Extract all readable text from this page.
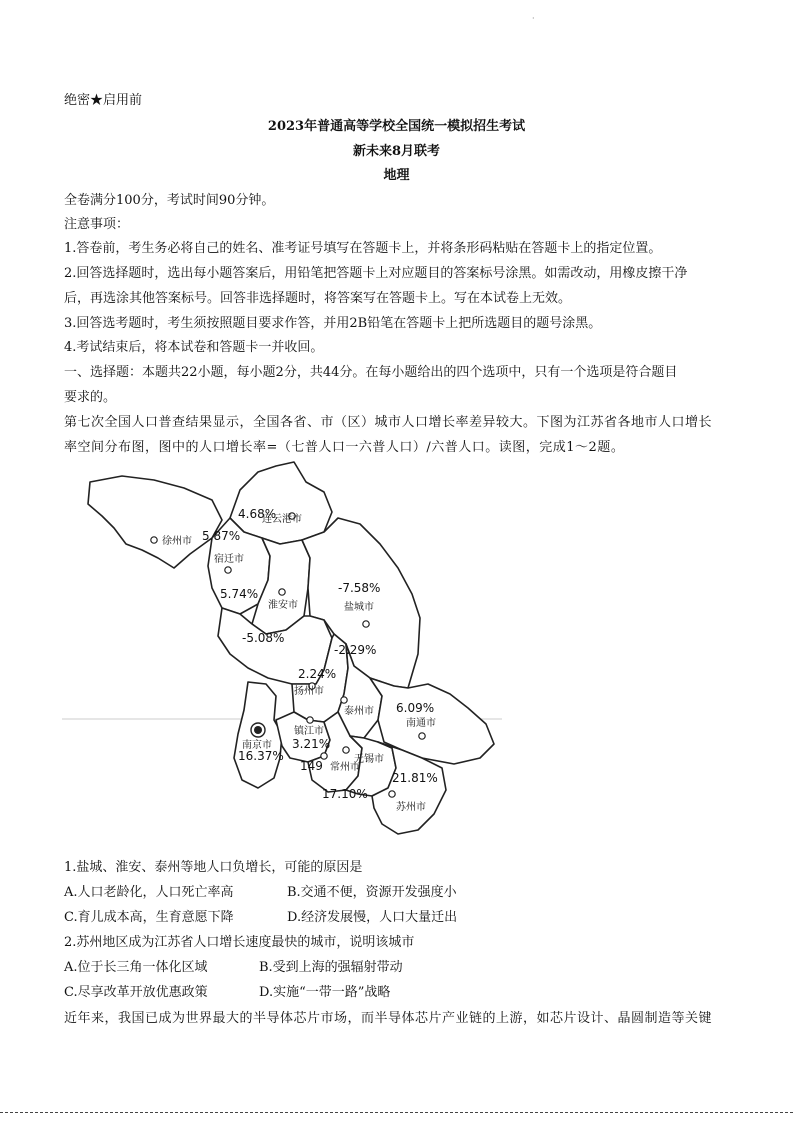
·
绝密★启用前
2023年普通高等学校全国统一模拟招生考试
新未来8月联考
地理
全卷满分100分，考试时间90分钟。
注意事项：
1.答卷前，考生务必将自己的姓名、准考证号填写在答题卡上，并将条形码粘贴在答题卡上的指定位置。
2.回答选择题时，选出每小题答案后，用铅笔把答题卡上对应题目的答案标号涂黑。如需改动，用橡皮擦干净
后，再选涂其他答案标号。回答非选择题时，将答案写在答题卡上。写在本试卷上无效。
3.回答选考题时，考生须按照题目要求作答，并用2B铅笔在答题卡上把所选题目的题号涂黑。
4.考试结束后，将本试卷和答题卡一并收回。
一、选择题：本题共22小题，每小题2分，共44分。在每小题给出的四个选项中，只有一个选项是符合题目
要求的。
第七次全国人口普查结果显示，全国各省、市（区）城市人口增长率差异较大。下图为江苏省各地市人口增长
率空间分布图，图中的人口增长率=（七普人口一六普人口）/六普人口。读图，完成1～2题。
徐州市
连云港市
宿迁市
淮安市	盐城市
扬州市
泰州市
南通市
南京市
镇江市
常州市
无锡市
苏州市
4.68%
5.87%
5.74%	-7.58%
-5.08%
-2.29%
2.24%
6.09%
3.21%
16.37%
149
17.10%
21.81%
1.盐城、淮安、泰州等地人口负增长，可能的原因是
A.人口老龄化，人口死亡率高	B.交通不便，资源开发强度小
C.育儿成本高，生育意愿下降	D.经济发展慢，人口大量迁出
2.苏州地区成为江苏省人口增长速度最快的城市，说明该城市
A.位于长三角一体化区域	B.受到上海的强辐射带动
C.尽享改革开放优惠政策	D.实施“一带一路”战略
近年来，我国已成为世界最大的半导体芯片市场，而半导体芯片产业链的上游，如芯片设计、晶圆制造等关键
